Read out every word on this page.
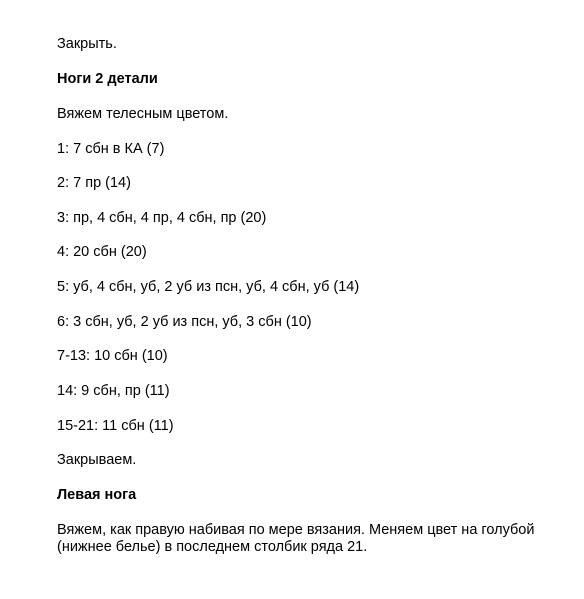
Закрыть.
Ноги 2 детали
Вяжем телесным цветом.
1: 7 сбн в КА (7)
2: 7 пр (14)
3: пр, 4 сбн, 4 пр, 4 сбн, пр (20)
4: 20 сбн (20)
5: уб, 4 сбн, уб, 2 уб из псн, уб, 4 сбн, уб (14)
6: 3 сбн, уб, 2 уб из псн, уб, 3 сбн (10)
7-13: 10 сбн (10)
14: 9 сбн, пр (11)
15-21: 11 сбн (11)
Закрываем.
Левая нога
Вяжем, как правую набивая по мере вязания. Меняем цвет на голубой
(нижнее белье) в последнем столбик ряда 21.
